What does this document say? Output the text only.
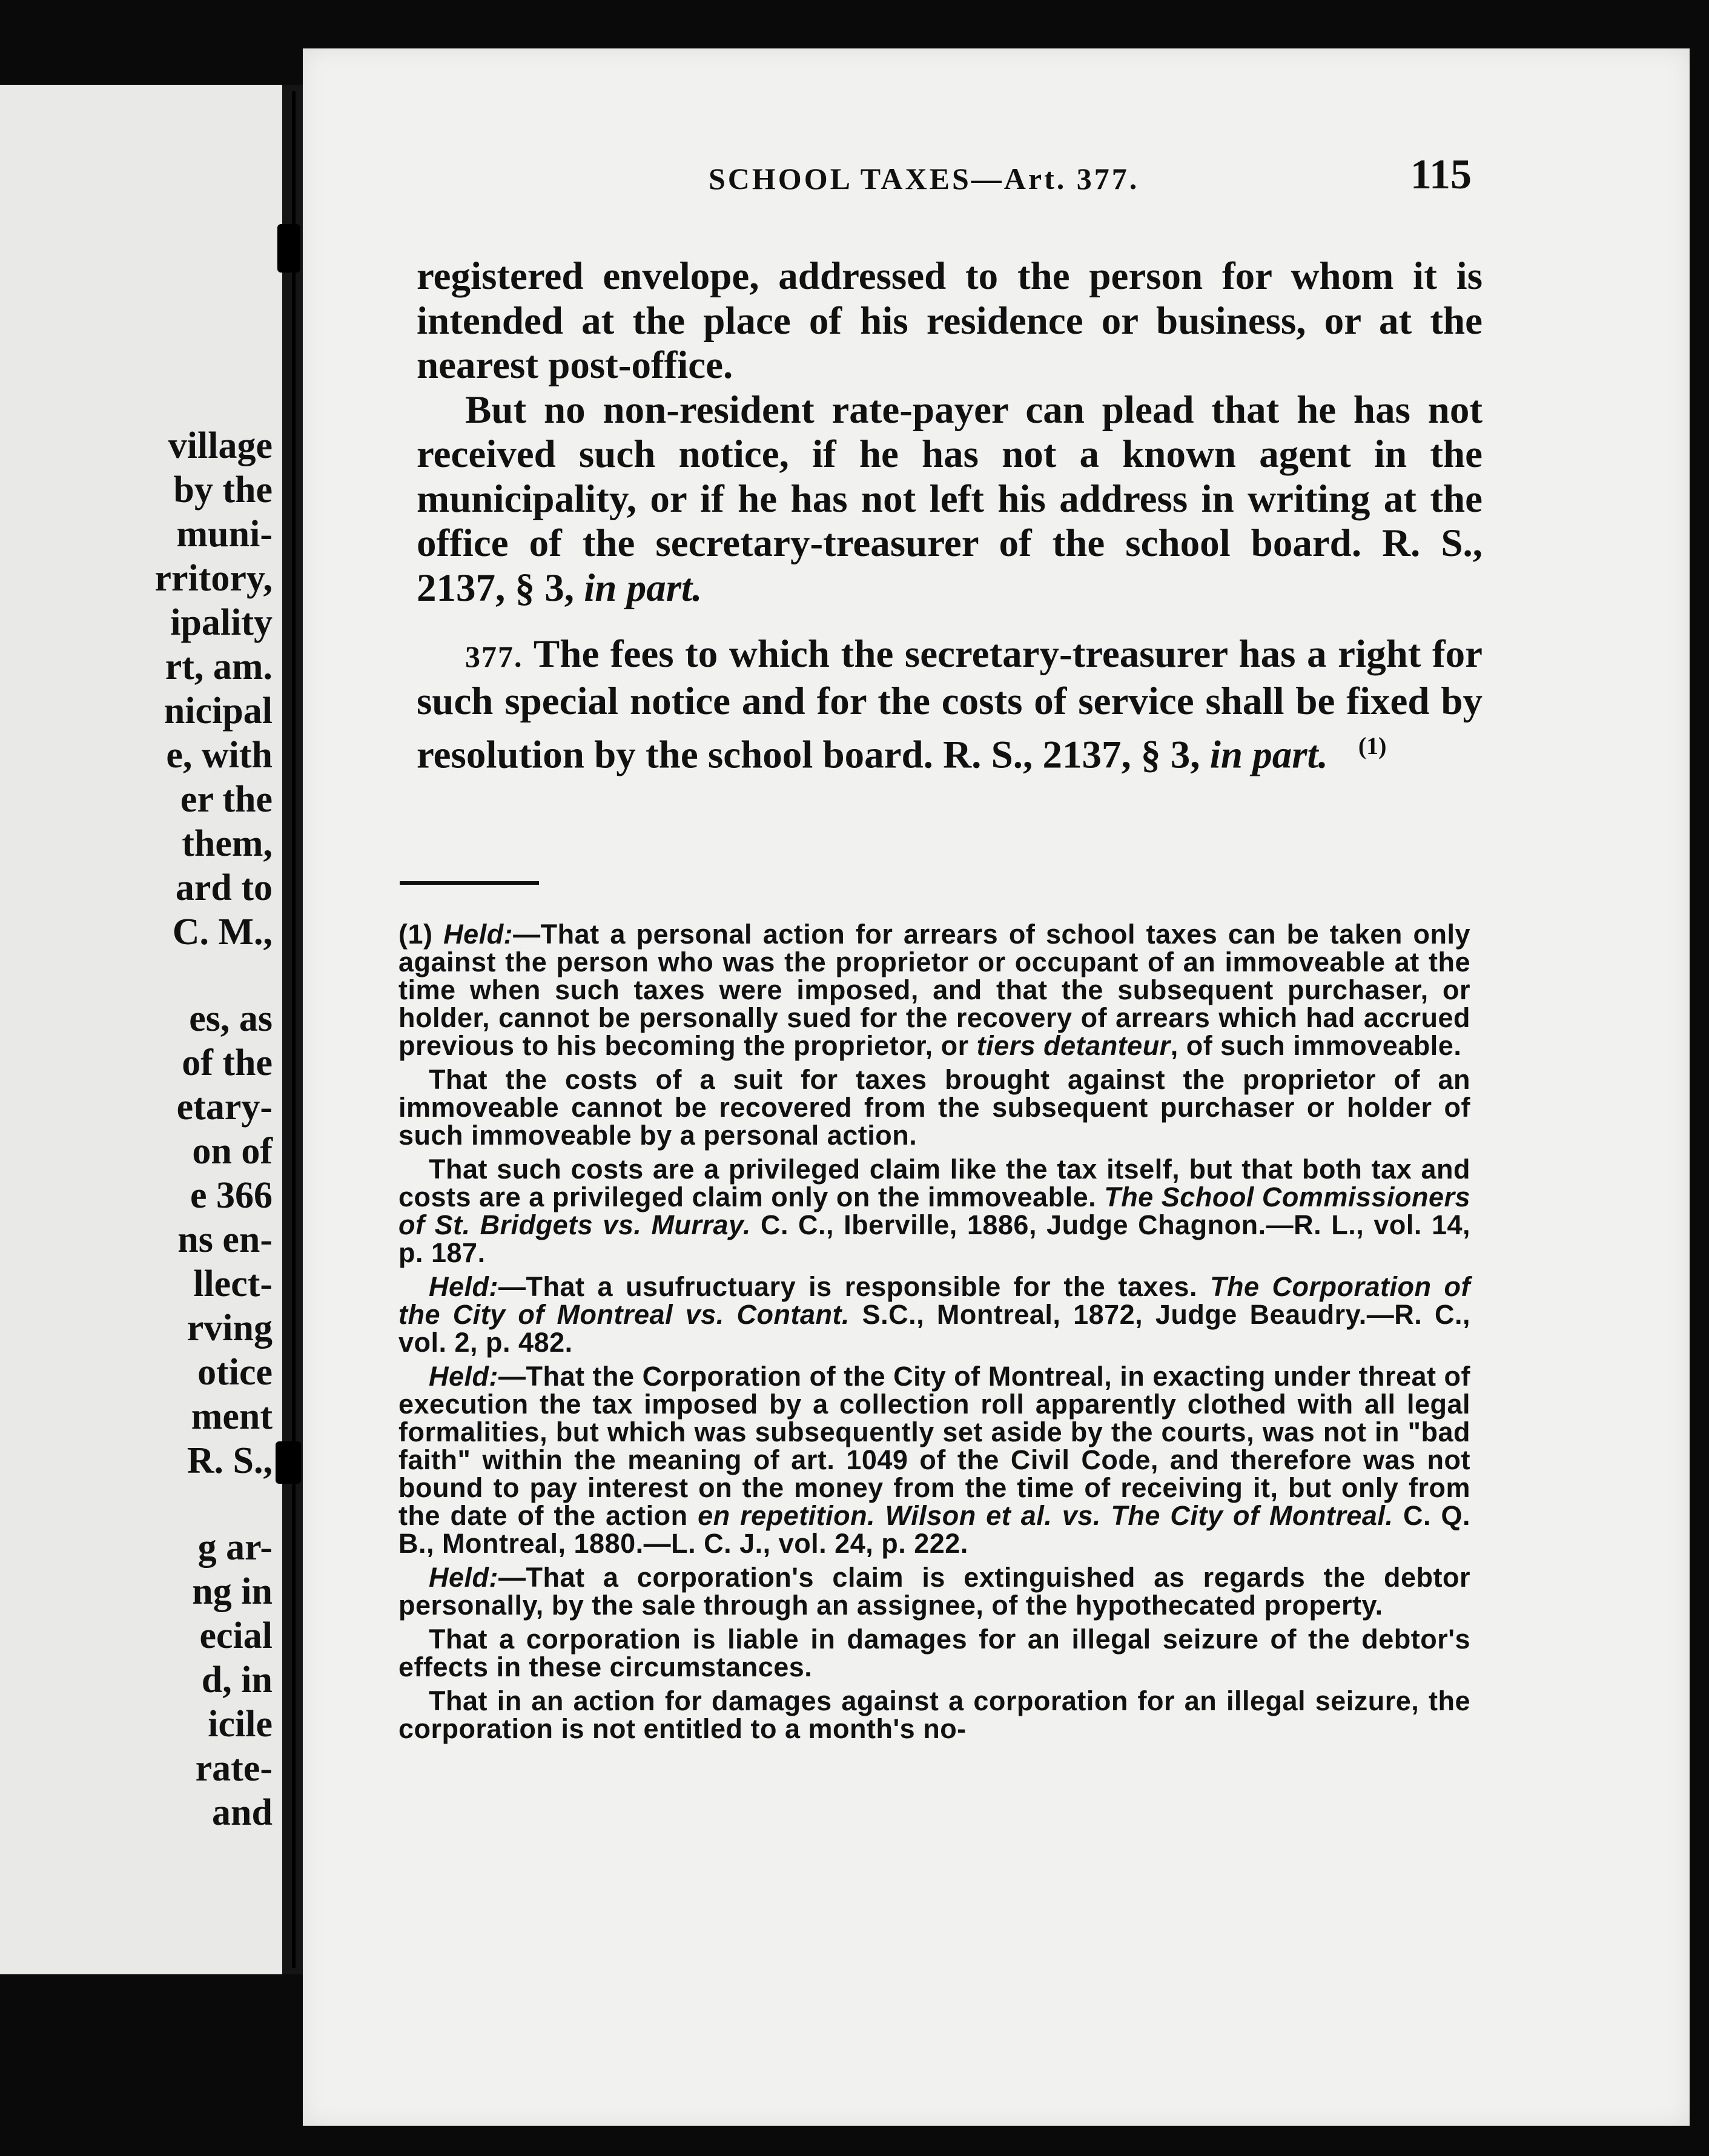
village
by the
muni-
rritory,
ipality
rt, am.
nicipal
e, with
er the
them,
ard to
C. M.,
es, as
of the
etary-
on of
e 366
ns en-
llect-
rving
otice
ment
R. S.,
g ar-
ng in
ecial
d, in
icile
rate-
and
SCHOOL TAXES—Art. 377.	115

registered envelope, addressed to the person for whom it is intended at the place of his residence or business, or at the nearest post-office.

But no non-resident rate-payer can plead that he has not received such notice, if he has not a known agent in the municipality, or if he has not left his address in writing at the office of the secretary-treasurer of the school board. R. S., 2137, § 3, in part.

377. The fees to which the secretary-treasurer has a right for such special notice and for the costs of service shall be fixed by resolution by the school board. R. S., 2137, § 3, in part. $^{(1)}$

(1) Held:—That a personal action for arrears of school taxes can be taken only against the person who was the proprietor or occupant of an immoveable at the time when such taxes were imposed, and that the subsequent purchaser, or holder, cannot be personally sued for the recovery of arrears which had accrued previous to his becoming the proprietor, or tiers detanteur, of such immoveable.

That the costs of a suit for taxes brought against the proprietor of an immoveable cannot be recovered from the subsequent purchaser or holder of such immoveable by a personal action.

That such costs are a privileged claim like the tax itself, but that both tax and costs are a privileged claim only on the immoveable. The School Commissioners of St. Bridgets vs. Murray. C. C., Iberville, 1886, Judge Chagnon.—R. L., vol. 14, p. 187.

Held:—That a usufructuary is responsible for the taxes. The Corporation of the City of Montreal vs. Contant. S.C., Montreal, 1872, Judge Beaudry.—R. C., vol. 2, p. 482.

Held:—That the Corporation of the City of Montreal, in exacting under threat of execution the tax imposed by a collection roll apparently clothed with all legal formalities, but which was subsequently set aside by the courts, was not in "bad faith" within the meaning of art. 1049 of the Civil Code, and therefore was not bound to pay interest on the money from the time of receiving it, but only from the date of the action en repetition. Wilson et al. vs. The City of Montreal. C. Q. B., Montreal, 1880.—L. C. J., vol. 24, p. 222.

Held:—That a corporation's claim is extinguished as regards the debtor personally, by the sale through an assignee, of the hypothecated property.

That a corporation is liable in damages for an illegal seizure of the debtor's effects in these circumstances.

That in an action for damages against a corporation for an illegal seizure, the corporation is not entitled to a month's no-
